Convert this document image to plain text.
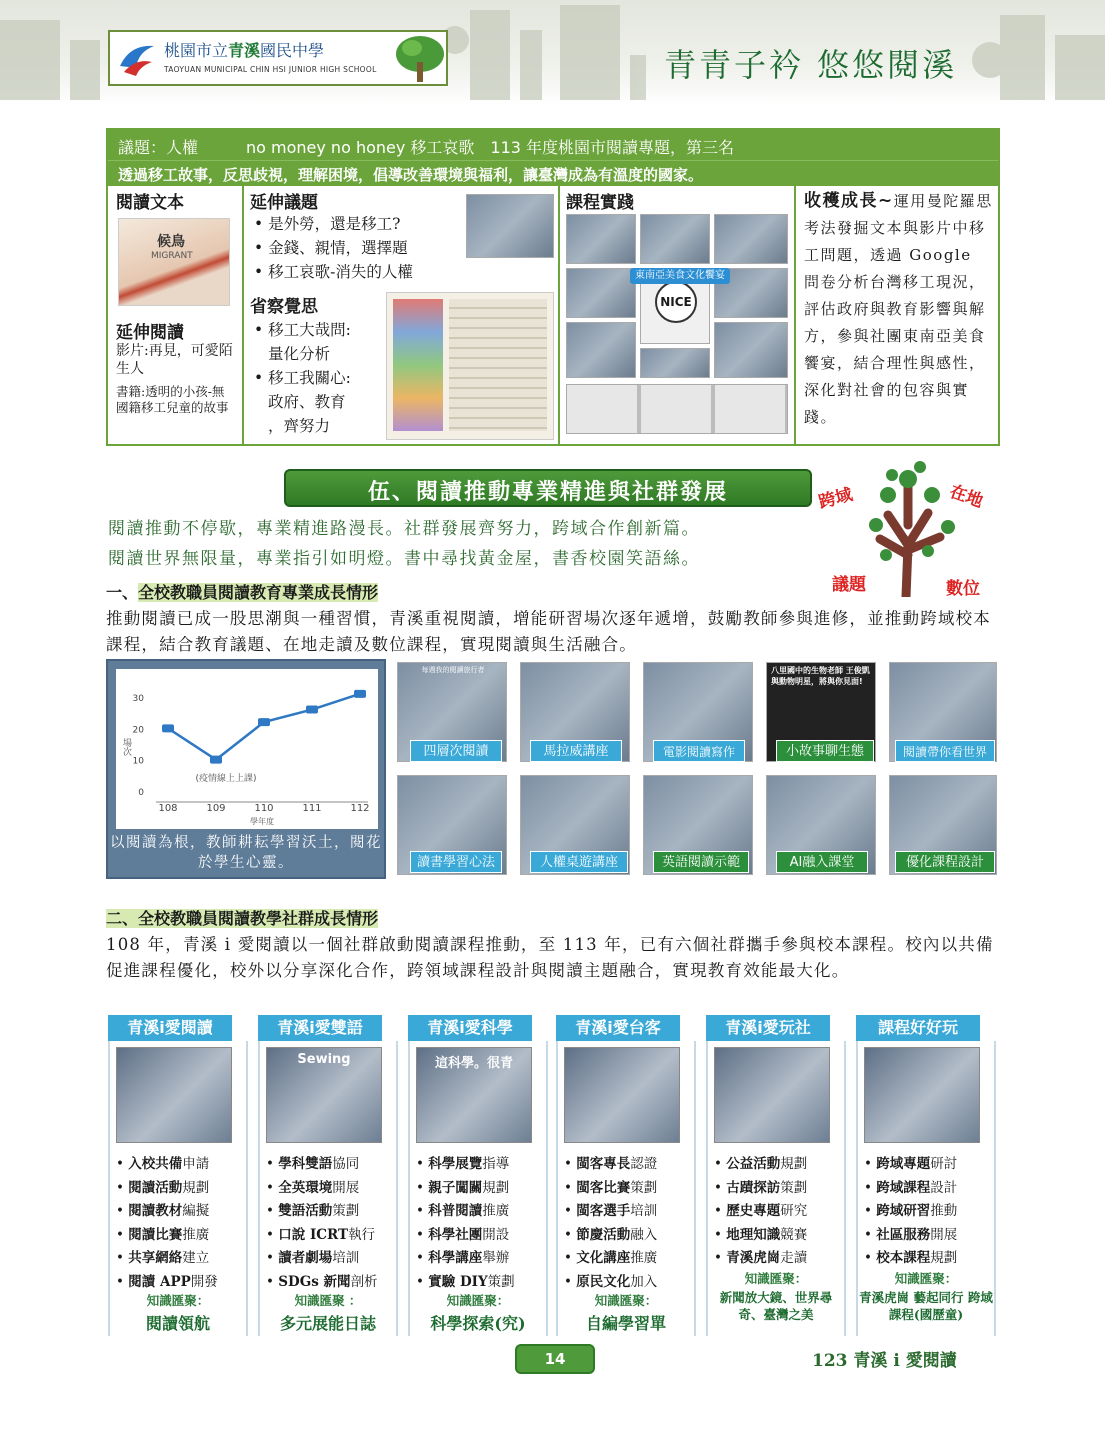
桃園市立青溪國民中學
TAOYUAN MUNICIPAL CHIN HSI JUNIOR HIGH SCHOOL	青青子衿 悠悠閱溪
議題：人權　　　no money no honey 移工哀歌　113 年度桃園市閱讀專題，第三名
透過移工故事，反思歧視，理解困境，倡導改善環境與福利，讓臺灣成為有溫度的國家。
閱讀文本
候鳥
MIGRANT
延伸閱讀
影片:再見，可愛陌生人
書籍:透明的小孩-無國籍移工兒童的故事
延伸議題
• 是外勞，還是移工?
• 金錢、親情，選擇題
• 移工哀歌-消失的人權
省察覺思
• 移工大哉問:
量化分析
• 移工我關心:
政府、教育
，齊努力
課程實踐
NICE
東南亞美食文化饗宴
收穫成長~運用曼陀羅思考法發掘文本與影片中移工問題，透過 Google 問卷分析台灣移工現況，評估政府與教育影響與解方，參與社團東南亞美食饗宴，結合理性與感性，深化對社會的包容與實踐。
伍、閱讀推動專業精進與社群發展	跨域	在地
議題	數位
閱讀推動不停歇，專業精進路漫長。社群發展齊努力，跨域合作創新篇。
閱讀世界無限量，專業指引如明燈。書中尋找黃金屋，書香校園笑語絲。
一、全校教職員閱讀教育專業成長情形
推動閱讀已成一股思潮與一種習慣，青溪重視閱讀，增能研習場次逐年遞增，鼓勵教師參與進修，並推動跨域校本課程，結合教育議題、在地走讀及數位課程，實現閱讀與生活融合。
0
10
20
30
108	109	110	111	112
學年度
場次
(疫情線上上課)
以閱讀為根，教師耕耘學習沃土，閱花於學生心靈。
每週我的閱讀旅行者	八里國中的生物老師 王俊凱與動物明星，將與你見面!
四層次閱讀	馬拉威講座	電影閱讀寫作	小故事聊生態	閱讀帶你看世界
讀書學習心法	人權桌遊講座	英語閱讀示範	AI融入課堂	優化課程設計
二、全校教職員閱讀教學社群成長情形
108 年，青溪 i 愛閱讀以一個社群啟動閱讀課程推動，至 113 年，已有六個社群攜手參與校本課程。校內以共備促進課程優化，校外以分享深化合作，跨領域課程設計與閱讀主題融合，實現教育效能最大化。
青溪i愛閱讀
• 入校共備申請
• 閱讀活動規劃
• 閱讀教材編擬
• 閱讀比賽推廣
• 共享網絡建立
• 閱讀 APP開發
知識匯聚：
閱讀領航
青溪i愛雙語
Sewing
• 學科雙語協同
• 全英環境開展
• 雙語活動策劃
• 口說 ICRT執行
• 讀者劇場培訓
• SDGs 新聞剖析
知識匯聚 ：
多元展能日誌
青溪i愛科學
這科學。很青
• 科學展覽指導
• 親子闖關規劃
• 科普閱讀推廣
• 科學社團開設
• 科學講座舉辦
• 實驗 DIY策劃
知識匯聚：
科學探索(究)
青溪i愛台客
• 閩客專長認證
• 閩客比賽策劃
• 閩客選手培訓
• 節慶活動融入
• 文化講座推廣
• 原民文化加入
知識匯聚：
自編學習單
青溪i愛玩社
• 公益活動規劃
• 古蹟探訪策劃
• 歷史專題研究
• 地理知識競賽
• 青溪虎崗走讀
知識匯聚：
新聞放大鏡、世界尋奇、臺灣之美
課程好好玩
• 跨域專題研討
• 跨域課程設計
• 跨域研習推動
• 社區服務開展
• 校本課程規劃
知識匯聚：
青溪虎崗 藝起同行 跨域課程(國歷童)
14	123 青溪 i 愛閱讀
